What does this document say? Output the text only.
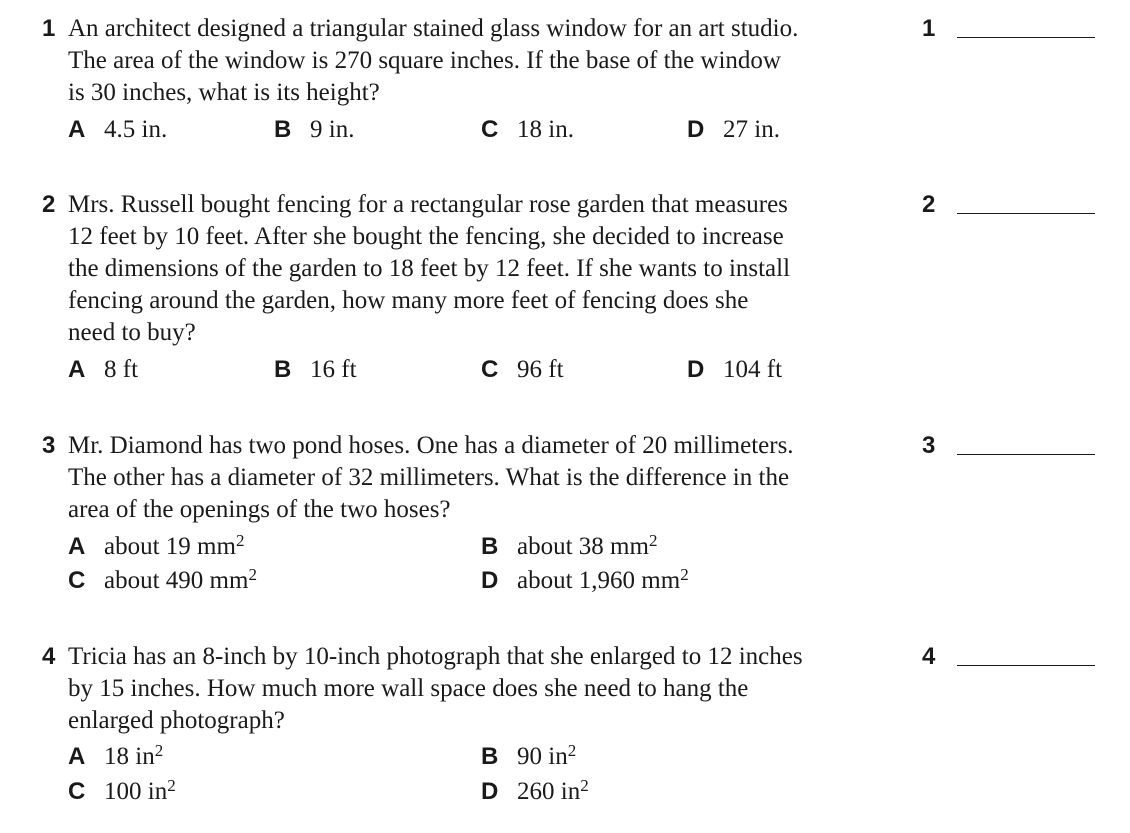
1 An architect designed a triangular stained glass window for an art studio.
The area of the window is 270 square inches. If the base of the window
is 30 inches, what is its height?
A 4.5 in.	B 9 in.	C 18 in.	D 27 in.
1
2 Mrs. Russell bought fencing for a rectangular rose garden that measures
12 feet by 10 feet. After she bought the fencing, she decided to increase
the dimensions of the garden to 18 feet by 12 feet. If she wants to install
fencing around the garden, how many more feet of fencing does she
need to buy?
A 8 ft	B 16 ft	C 96 ft	D 104 ft
2
3 Mr. Diamond has two pond hoses. One has a diameter of 20 millimeters.
The other has a diameter of 32 millimeters. What is the difference in the
area of the openings of the two hoses?
A about 19 $mm^2$	B about 38 $mm^2$
C about 490 $mm^2$	D about 1,960 $mm^2$
3
4 Tricia has an 8-inch by 10-inch photograph that she enlarged to 12 inches
by 15 inches. How much more wall space does she need to hang the
enlarged photograph?
A 18 $in^2$	B 90 $in^2$
C 100 $in^2$	D 260 $in^2$
4
